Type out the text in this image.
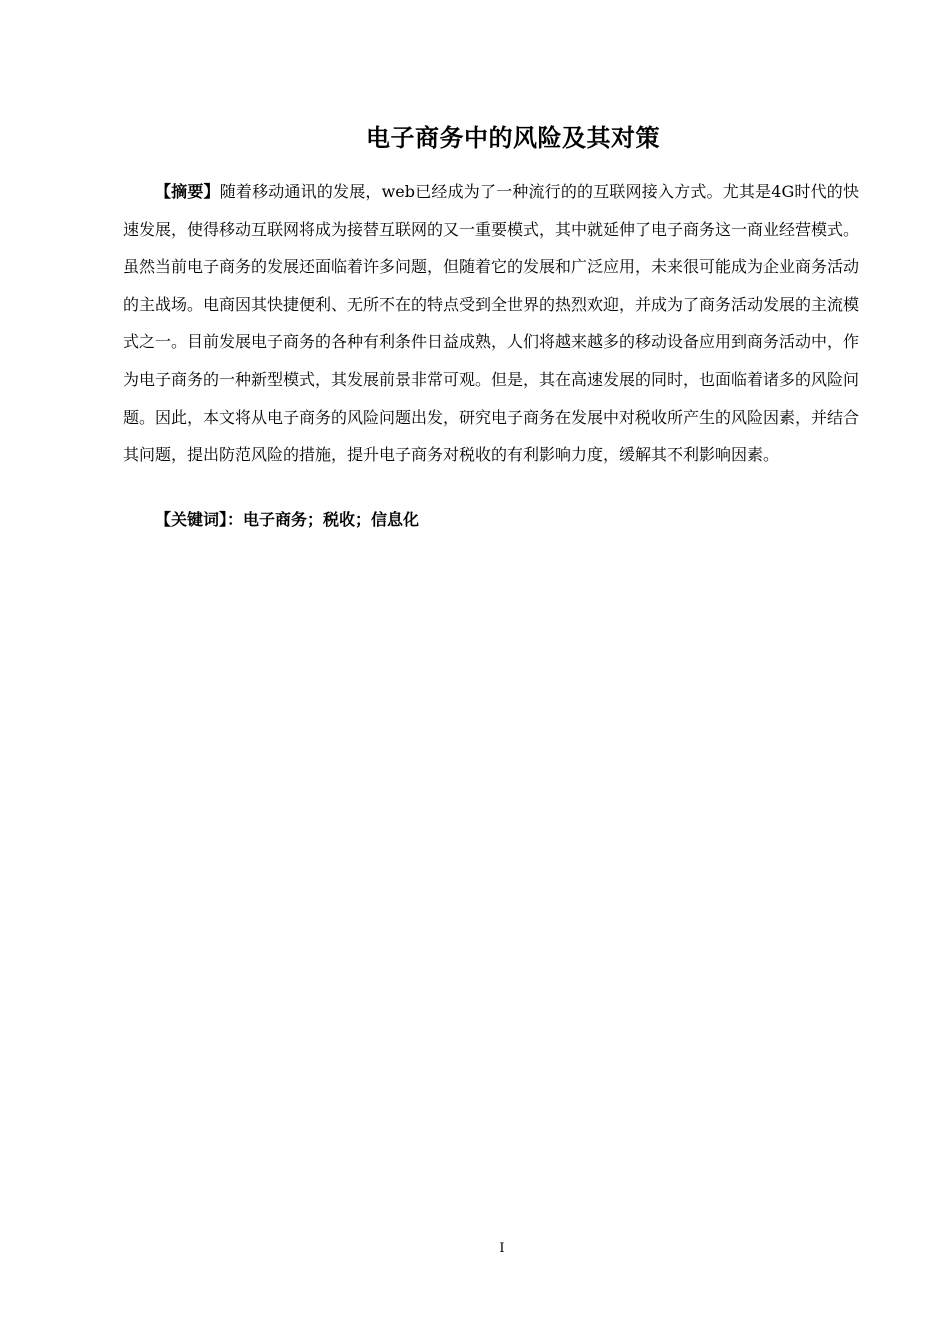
电子商务中的风险及其对策

【摘要】随着移动通讯的发展，web已经成为了一种流行的的互联网接入方式。尤其是4G时代的快速发展，使得移动互联网将成为接替互联网的又一重要模式，其中就延伸了电子商务这一商业经营模式。虽然当前电子商务的发展还面临着许多问题，但随着它的发展和广泛应用，未来很可能成为企业商务活动的主战场。电商因其快捷便利、无所不在的特点受到全世界的热烈欢迎，并成为了商务活动发展的主流模式之一。目前发展电子商务的各种有利条件日益成熟，人们将越来越多的移动设备应用到商务活动中，作为电子商务的一种新型模式，其发展前景非常可观。但是，其在高速发展的同时，也面临着诸多的风险问题。因此，本文将从电子商务的风险问题出发，研究电子商务在发展中对税收所产生的风险因素，并结合其问题，提出防范风险的措施，提升电子商务对税收的有利影响力度，缓解其不利影响因素。

【关键词】：电子商务；税收；信息化

I
